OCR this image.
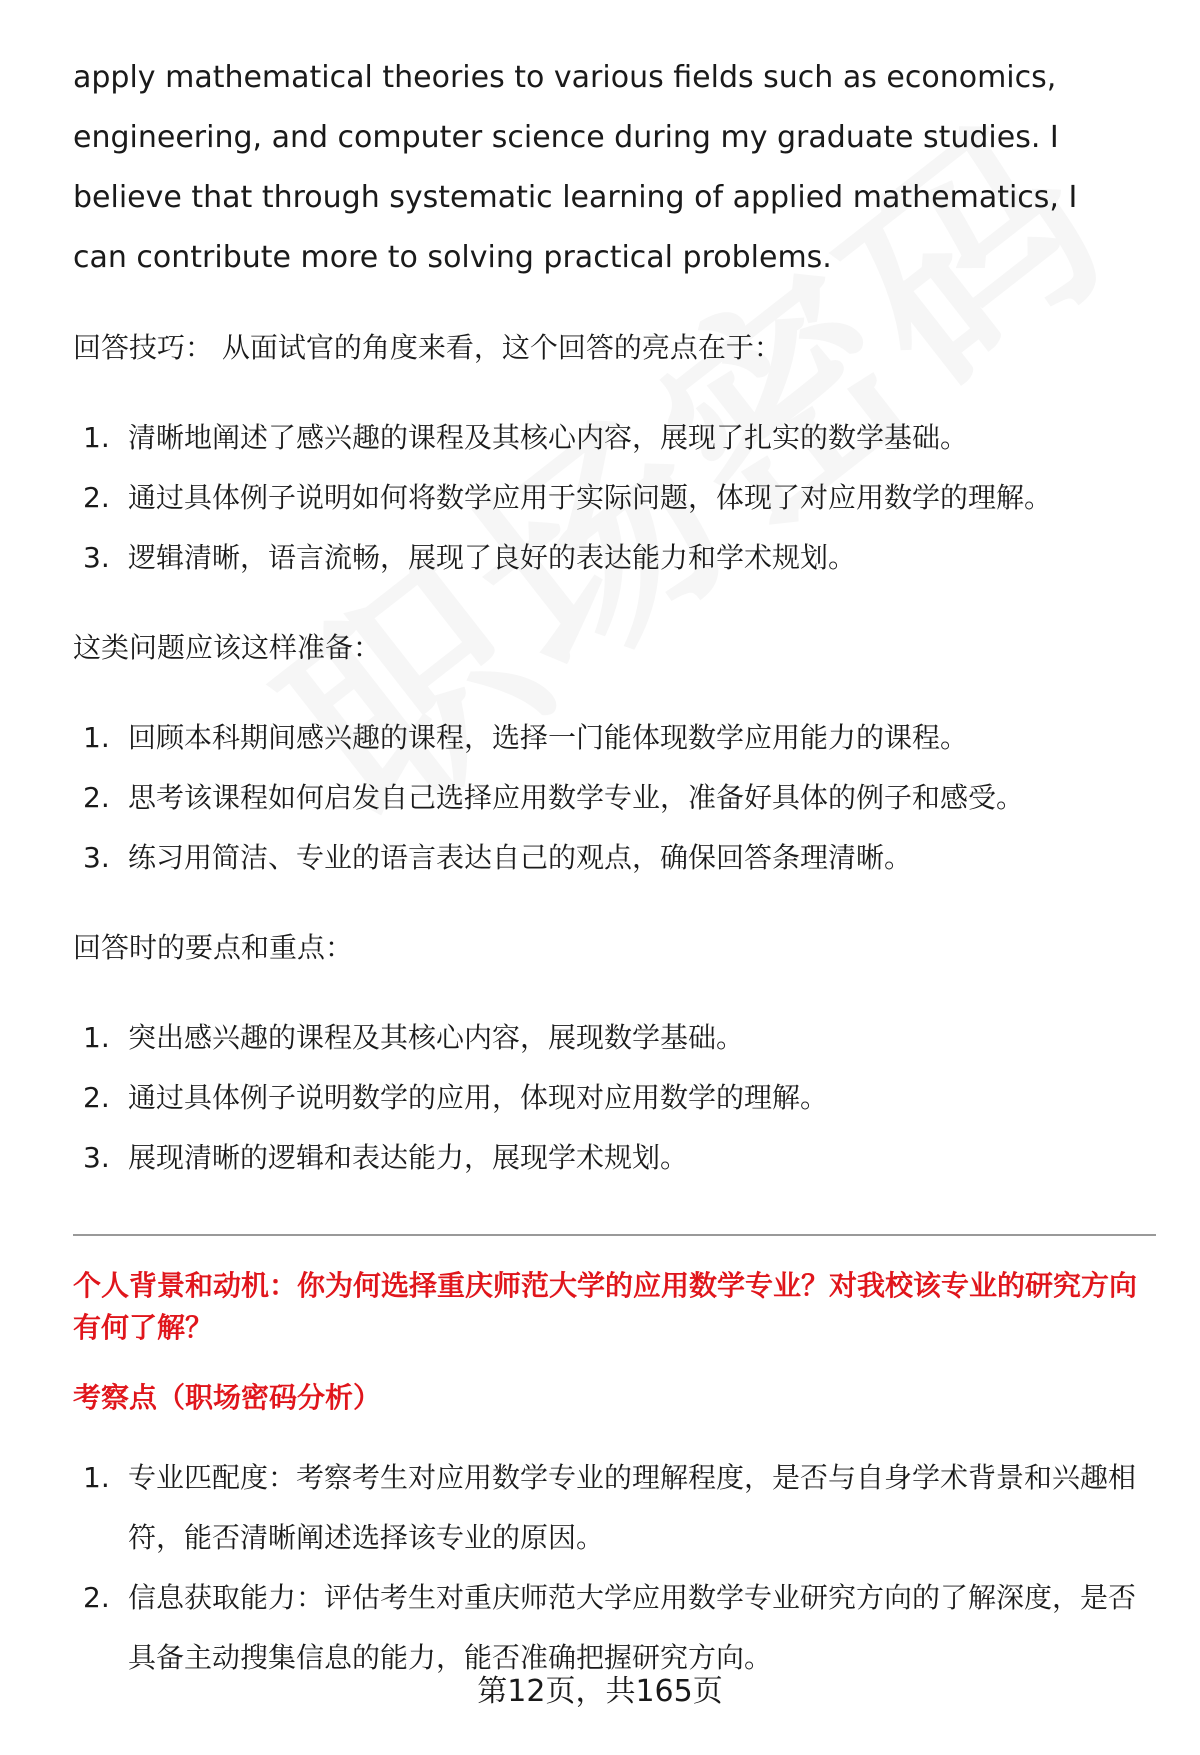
apply mathematical theories to various fields such as economics, engineering, and computer science during my graduate studies. I believe that through systematic learning of applied mathematics, I can contribute more to solving practical problems.

回答技巧： 从面试官的角度来看，这个回答的亮点在于：

1. 清晰地阐述了感兴趣的课程及其核心内容，展现了扎实的数学基础。
2. 通过具体例子说明如何将数学应用于实际问题，体现了对应用数学的理解。
3. 逻辑清晰，语言流畅，展现了良好的表达能力和学术规划。

这类问题应该这样准备：

1. 回顾本科期间感兴趣的课程，选择一门能体现数学应用能力的课程。
2. 思考该课程如何启发自己选择应用数学专业，准备好具体的例子和感受。
3. 练习用简洁、专业的语言表达自己的观点，确保回答条理清晰。

回答时的要点和重点：

1. 突出感兴趣的课程及其核心内容，展现数学基础。
2. 通过具体例子说明数学的应用，体现对应用数学的理解。
3. 展现清晰的逻辑和表达能力，展现学术规划。

个人背景和动机：你为何选择重庆师范大学的应用数学专业？对我校该专业的研究方向有何了解？

考察点（职场密码分析）

1. 专业匹配度：考察考生对应用数学专业的理解程度，是否与自身学术背景和兴趣相符，能否清晰阐述选择该专业的原因。
2. 信息获取能力：评估考生对重庆师范大学应用数学专业研究方向的了解深度，是否具备主动搜集信息的能力，能否准确把握研究方向。
第12页，共165页
